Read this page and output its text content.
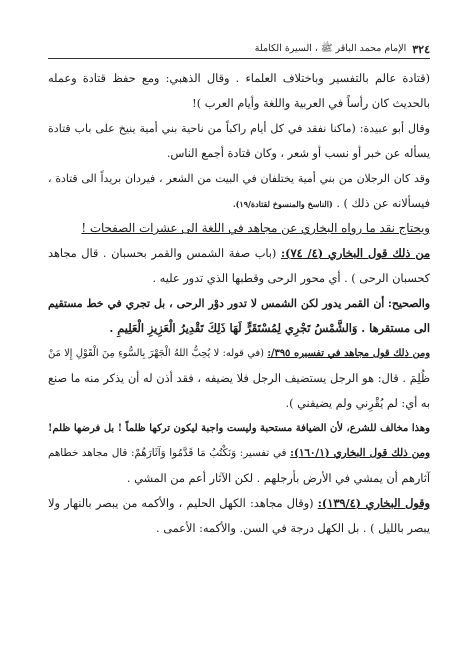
٣٢٤
الإمام محمد الباقر ﷺ ، السيرة الكاملة
(قتادة عالم بالتفسير وباختلاف العلماء . وقال الذهبي: ومع حفظ قتادة وعمله
بالحديث كان رأساً في العربية واللغة وأيام العرب )!
وقال أبو عبيدة: (ماكنا نفقد في كل أيام راكباً من ناحية بني أمية ينيخ على باب قتادة
يسأله عن خبر أو نسب أو شعر ، وكان قتادة أجمع الناس.
وقد كان الرجلان من بني أمية يختلفان في البيت من الشعر ، فيردان بريداً الى قتادة ،
فيسألانه عن ذلك ) . (الناسخ والمنسوخ لقتادة/١٩).
ويحتاج نقد ما رواه البخاري عن مجاهد في اللغة الى عشرات الصفحات !
من ذلك قول البخاري (٤/ ٧٤): (باب صفة الشمس والقمر بحسبان . قال مجاهد
كحسبان الرحى ) . أي محور الرحى وقطبها الذي تدور عليه .
والصحيح: أن القمر يدور لكن الشمس لا تدور دوْر الرحى ، بل تجري في خط مستقيم
الى مستقرها . وَالشَّمْسُ تَجْرِي لِمُسْتَقَرٍّ لَهَا ذَلِكَ تَقْدِيرُ الْعَزِيزِ الْعَلِيمِ .
ومن ذلك قول مجاهد في تفسيره ٣٩٥/: (في قوله: لا يُحِبُّ اللهُ الْجَهْرَ بِالسُّوءِ مِنَ الْقَوْلِ إِلا مَنْ
ظُلِمَ . قال: هو الرجل يستضيف الرجل فلا يضيفه ، فقد أذن له أن يذكر منه ما صنع
به أي: لم يُقْرِني ولم يضيفني ).
وهذا مخالف للشرع، لأن الضيافة مستحبة وليست واجبة ليكون تركها ظلماً ! بل فرضها ظلم!
ومن ذلك قول البخاري (١٦٠/١): في تفسير: وَنَكْتُبُ مَا قَدَّمُوا وَآثَارَهُمْ: قال مجاهد خطاهم
آثارهم أن يمشي في الأرض بأرجلهم . لكن الآثار أعم من المشي .
وقول البخاري (١٣٩/٤): (وقال مجاهد: الكهل الحليم ، والأكمه من يبصر بالنهار ولا
يبصر بالليل ) . بل الكهل درجة في السن. والأكمه: الأعمى .
